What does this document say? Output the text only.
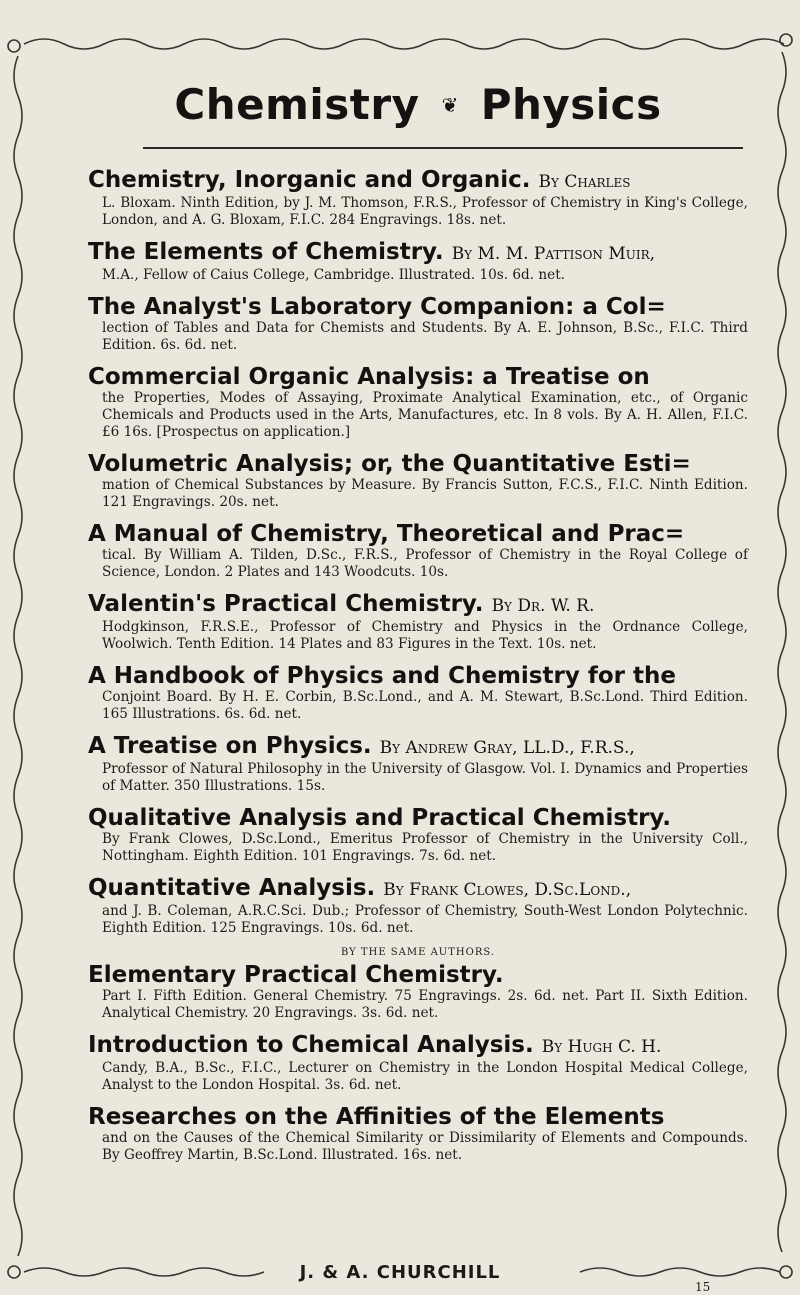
Chemistry ❦ Physics
Chemistry, Inorganic and Organic. By Charles
L. Bloxam. Ninth Edition, by J. M. Thomson, F.R.S., Professor of Chemistry in King's College, London, and A. G. Bloxam, F.I.C. 284 Engravings. 18s. net.
The Elements of Chemistry. By M. M. Pattison Muir,
M.A., Fellow of Caius College, Cambridge. Illustrated. 10s. 6d. net.
The Analyst's Laboratory Companion: a Col=
lection of Tables and Data for Chemists and Students. By A. E. Johnson, B.Sc., F.I.C. Third Edition. 6s. 6d. net.
Commercial Organic Analysis: a Treatise on
the Properties, Modes of Assaying, Proximate Analytical Examination, etc., of Organic Chemicals and Products used in the Arts, Manufactures, etc. In 8 vols. By A. H. Allen, F.I.C. £6 16s. [Prospectus on application.]
Volumetric Analysis; or, the Quantitative Esti=
mation of Chemical Substances by Measure. By Francis Sutton, F.C.S., F.I.C. Ninth Edition. 121 Engravings. 20s. net.
A Manual of Chemistry, Theoretical and Prac=
tical. By William A. Tilden, D.Sc., F.R.S., Professor of Chemistry in the Royal College of Science, London. 2 Plates and 143 Woodcuts. 10s.
Valentin's Practical Chemistry. By Dr. W. R.
Hodgkinson, F.R.S.E., Professor of Chemistry and Physics in the Ordnance College, Woolwich. Tenth Edition. 14 Plates and 83 Figures in the Text. 10s. net.
A Handbook of Physics and Chemistry for the
Conjoint Board. By H. E. Corbin, B.Sc.Lond., and A. M. Stewart, B.Sc.Lond. Third Edition. 165 Illustrations. 6s. 6d. net.
A Treatise on Physics. By Andrew Gray, LL.D., F.R.S.,
Professor of Natural Philosophy in the University of Glasgow. Vol. I. Dynamics and Properties of Matter. 350 Illustrations. 15s.
Qualitative Analysis and Practical Chemistry.
By Frank Clowes, D.Sc.Lond., Emeritus Professor of Chemistry in the University Coll., Nottingham. Eighth Edition. 101 Engravings. 7s. 6d. net.
Quantitative Analysis. By Frank Clowes, D.Sc.Lond.,
and J. B. Coleman, A.R.C.Sci. Dub.; Professor of Chemistry, South-West London Polytechnic. Eighth Edition. 125 Engravings. 10s. 6d. net.
BY THE SAME AUTHORS.
Elementary Practical Chemistry.
Part I. Fifth Edition. General Chemistry. 75 Engravings. 2s. 6d. net. Part II. Sixth Edition. Analytical Chemistry. 20 Engravings. 3s. 6d. net.
Introduction to Chemical Analysis. By Hugh C. H.
Candy, B.A., B.Sc., F.I.C., Lecturer on Chemistry in the London Hospital Medical College, Analyst to the London Hospital. 3s. 6d. net.
Researches on the Affinities of the Elements
and on the Causes of the Chemical Similarity or Dissimilarity of Elements and Compounds. By Geoffrey Martin, B.Sc.Lond. Illustrated. 16s. net.
J. & A. CHURCHILL
15
